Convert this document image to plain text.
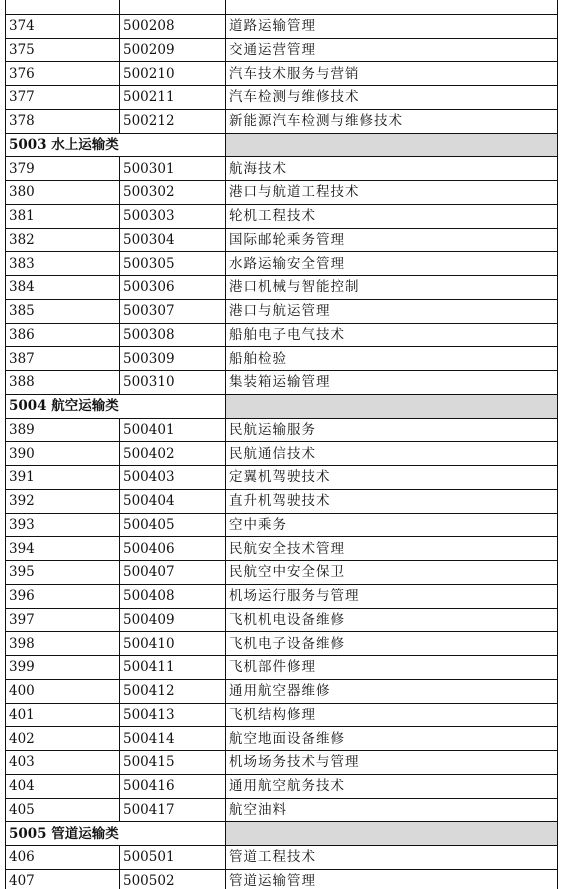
374	500208	道路运输管理
375	500209	交通运营管理
376	500210	汽车技术服务与营销
377	500211	汽车检测与维修技术
378	500212	新能源汽车检测与维修技术
5003 水上运输类		
379	500301	航海技术
380	500302	港口与航道工程技术
381	500303	轮机工程技术
382	500304	国际邮轮乘务管理
383	500305	水路运输安全管理
384	500306	港口机械与智能控制
385	500307	港口与航运管理
386	500308	船舶电子电气技术
387	500309	船舶检验
388	500310	集装箱运输管理
5004 航空运输类		
389	500401	民航运输服务
390	500402	民航通信技术
391	500403	定翼机驾驶技术
392	500404	直升机驾驶技术
393	500405	空中乘务
394	500406	民航安全技术管理
395	500407	民航空中安全保卫
396	500408	机场运行服务与管理
397	500409	飞机机电设备维修
398	500410	飞机电子设备维修
399	500411	飞机部件修理
400	500412	通用航空器维修
401	500413	飞机结构修理
402	500414	航空地面设备维修
403	500415	机场场务技术与管理
404	500416	通用航空航务技术
405	500417	航空油料
5005 管道运输类		
406	500501	管道工程技术
407	500502	管道运输管理
